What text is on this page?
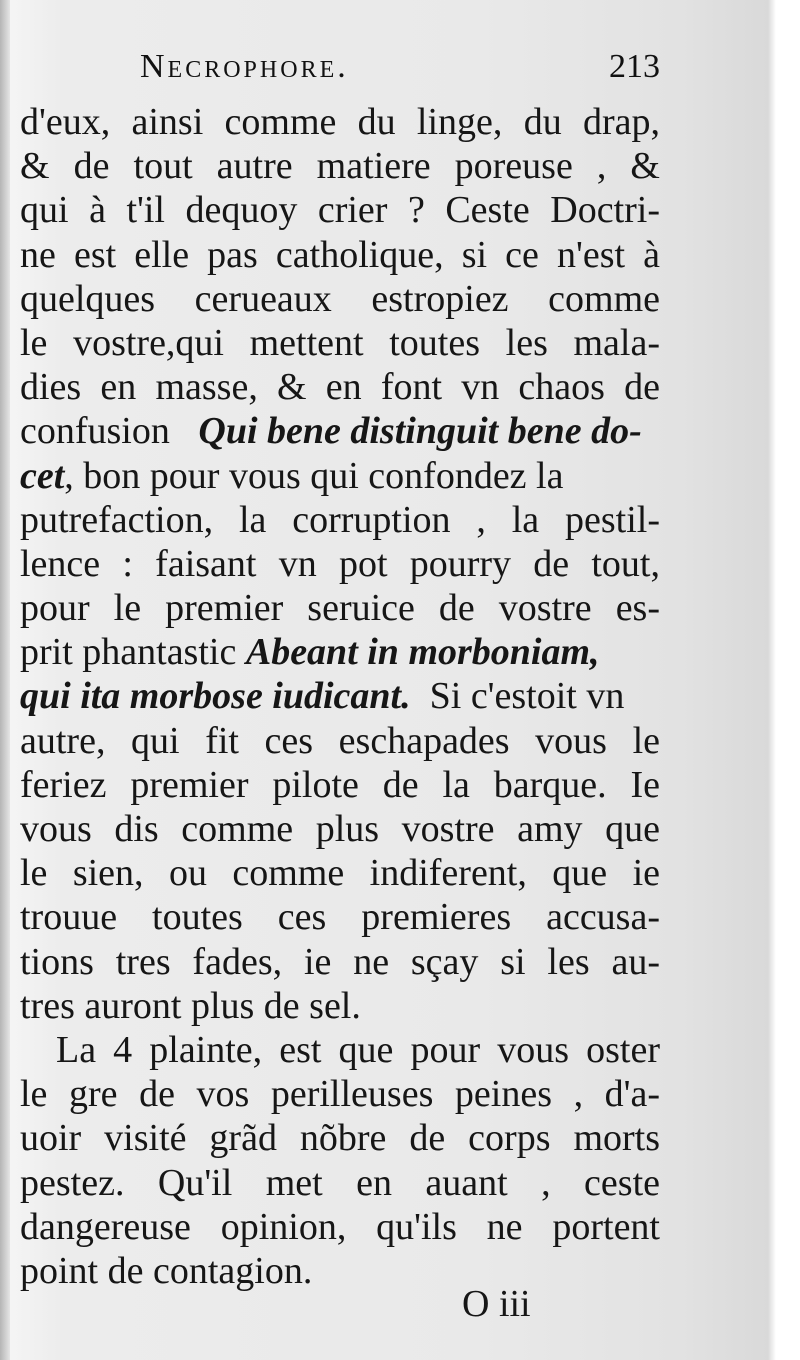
Necrophore.	213
d'eux, ainsi comme du linge, du drap,
& de tout autre matiere poreuse , &
qui à t'il dequoy crier ? Ceste Doctri-
ne est elle pas catholique, si ce n'est à
quelques cerueaux estropiez comme
le vostre,qui mettent toutes les mala-
dies en masse, & en font vn chaos de
confusion Qui bene distinguit bene do-
cet, bon pour vous qui confondez la
putrefaction, la corruption , la pestil-
lence : faisant vn pot pourry de tout,
pour le premier seruice de vostre es-
prit phantastic Abeant in morboniam,
qui ita morbose iudicant. Si c'estoit vn
autre, qui fit ces eschapades vous le
feriez premier pilote de la barque. Ie
vous dis comme plus vostre amy que
le sien, ou comme indiferent, que ie
trouue toutes ces premieres accusa-
tions tres fades, ie ne sçay si les au-
tres auront plus de sel.
La 4 plainte, est que pour vous oster
le gre de vos perilleuses peines , d'a-
uoir visité grãd nõbre de corps morts
pestez. Qu'il met en auant , ceste
dangereuse opinion, qu'ils ne portent
point de contagion.
O iii
